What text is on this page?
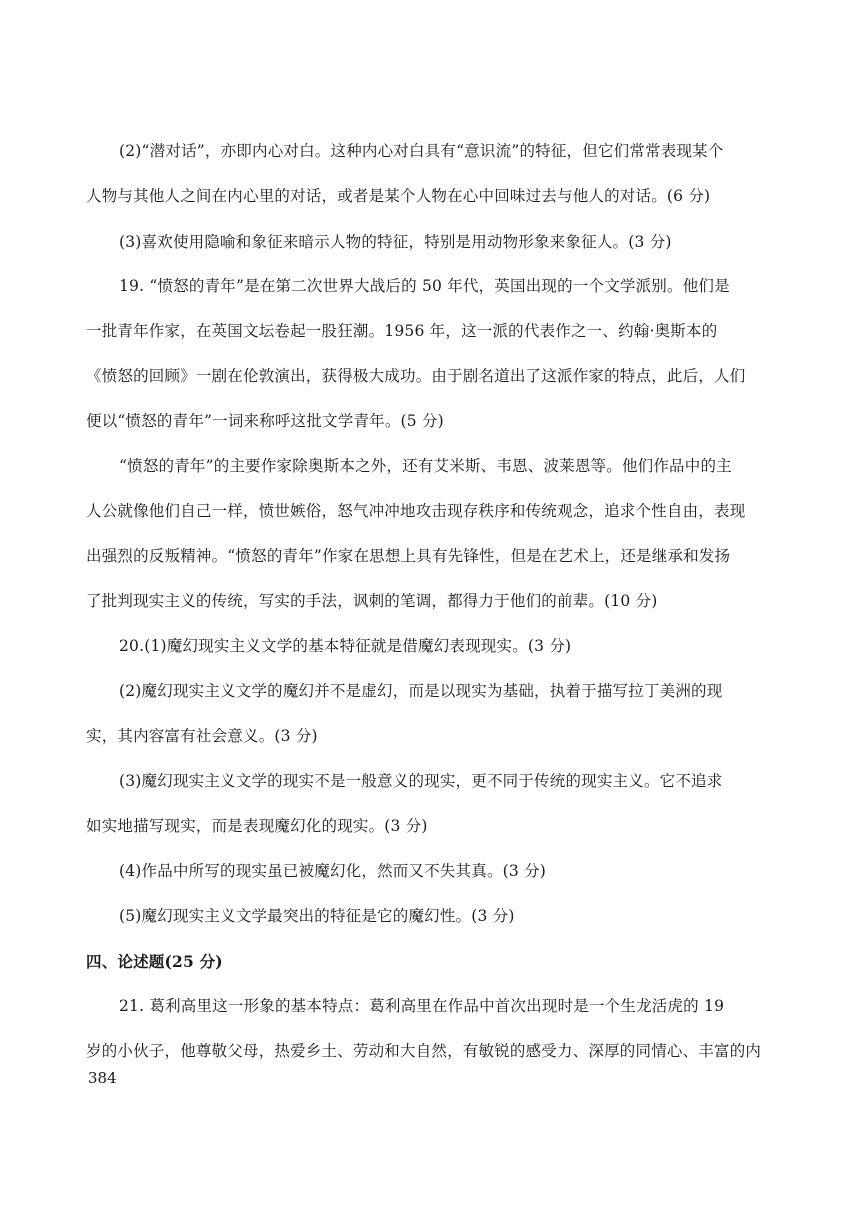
(2)“潜对话”，亦即内心对白。这种内心对白具有“意识流”的特征，但它们常常表现某个
人物与其他人之间在内心里的对话，或者是某个人物在心中回味过去与他人的对话。(6 分)
(3)喜欢使用隐喻和象征来暗示人物的特征，特别是用动物形象来象征人。(3 分)
19. “愤怒的青年”是在第二次世界大战后的 50 年代，英国出现的一个文学派别。他们是
一批青年作家，在英国文坛卷起一股狂潮。1956 年，这一派的代表作之一、约翰·奥斯本的
《愤怒的回顾》一剧在伦敦演出，获得极大成功。由于剧名道出了这派作家的特点，此后，人们
便以“愤怒的青年”一词来称呼这批文学青年。(5 分)
“愤怒的青年”的主要作家除奥斯本之外，还有艾米斯、韦恩、波莱恩等。他们作品中的主
人公就像他们自己一样，愤世嫉俗，怒气冲冲地攻击现存秩序和传统观念，追求个性自由，表现
出强烈的反叛精神。“愤怒的青年”作家在思想上具有先锋性，但是在艺术上，还是继承和发扬
了批判现实主义的传统，写实的手法，讽刺的笔调，都得力于他们的前辈。(10 分)
20.(1)魔幻现实主义文学的基本特征就是借魔幻表现现实。(3 分)
(2)魔幻现实主义文学的魔幻并不是虚幻，而是以现实为基础，执着于描写拉丁美洲的现
实，其内容富有社会意义。(3 分)
(3)魔幻现实主义文学的现实不是一般意义的现实，更不同于传统的现实主义。它不追求
如实地描写现实，而是表现魔幻化的现实。(3 分)
(4)作品中所写的现实虽已被魔幻化，然而又不失其真。(3 分)
(5)魔幻现实主义文学最突出的特征是它的魔幻性。(3 分)
四、论述题(25 分)
21. 葛利高里这一形象的基本特点：葛利高里在作品中首次出现时是一个生龙活虎的 19
岁的小伙子，他尊敬父母，热爱乡土、劳动和大自然，有敏锐的感受力、深厚的同情心、丰富的内
384
